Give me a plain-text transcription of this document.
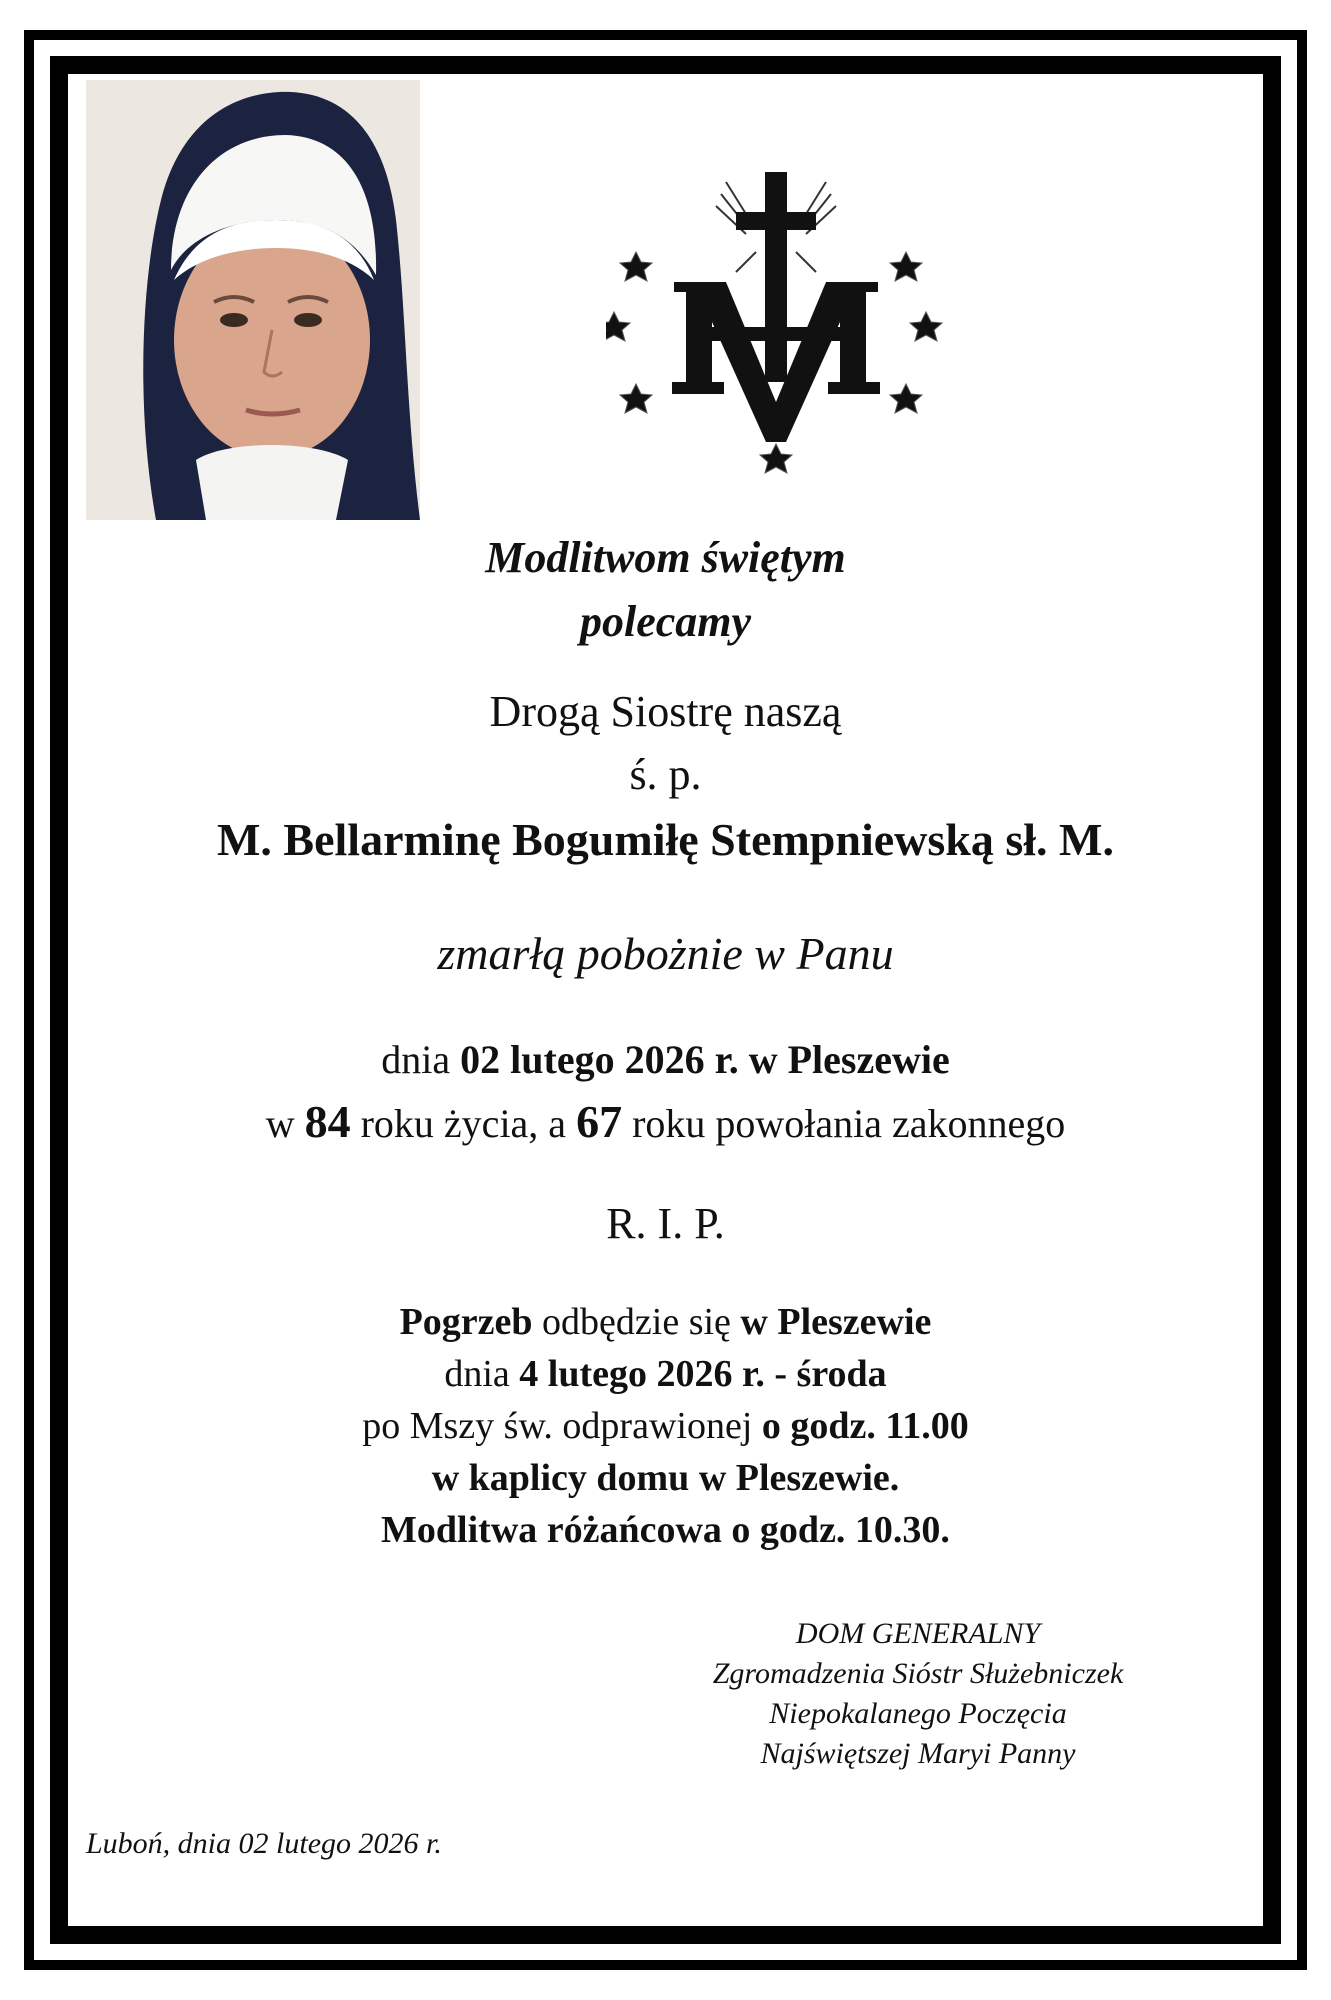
Modlitwom świętym
polecamy
Drogą Siostrę naszą
ś. p.
M. Bellarminę Bogumiłę Stempniewską sł. M.
zmarłą pobożnie w Panu
dnia 02 lutego 2026 r. w Pleszewie
w 84 roku życia, a 67 roku powołania zakonnego
R. I. P.
Pogrzeb odbędzie się w Pleszewie
dnia 4 lutego 2026 r. - środa
po Mszy św. odprawionej o godz. 11.00
w kaplicy domu w Pleszewie.
Modlitwa różańcowa o godz. 10.30.
DOM GENERALNY
Zgromadzenia Sióstr Służebniczek
Niepokalanego Poczęcia
Najświętszej Maryi Panny
Luboń, dnia 02 lutego 2026 r.
